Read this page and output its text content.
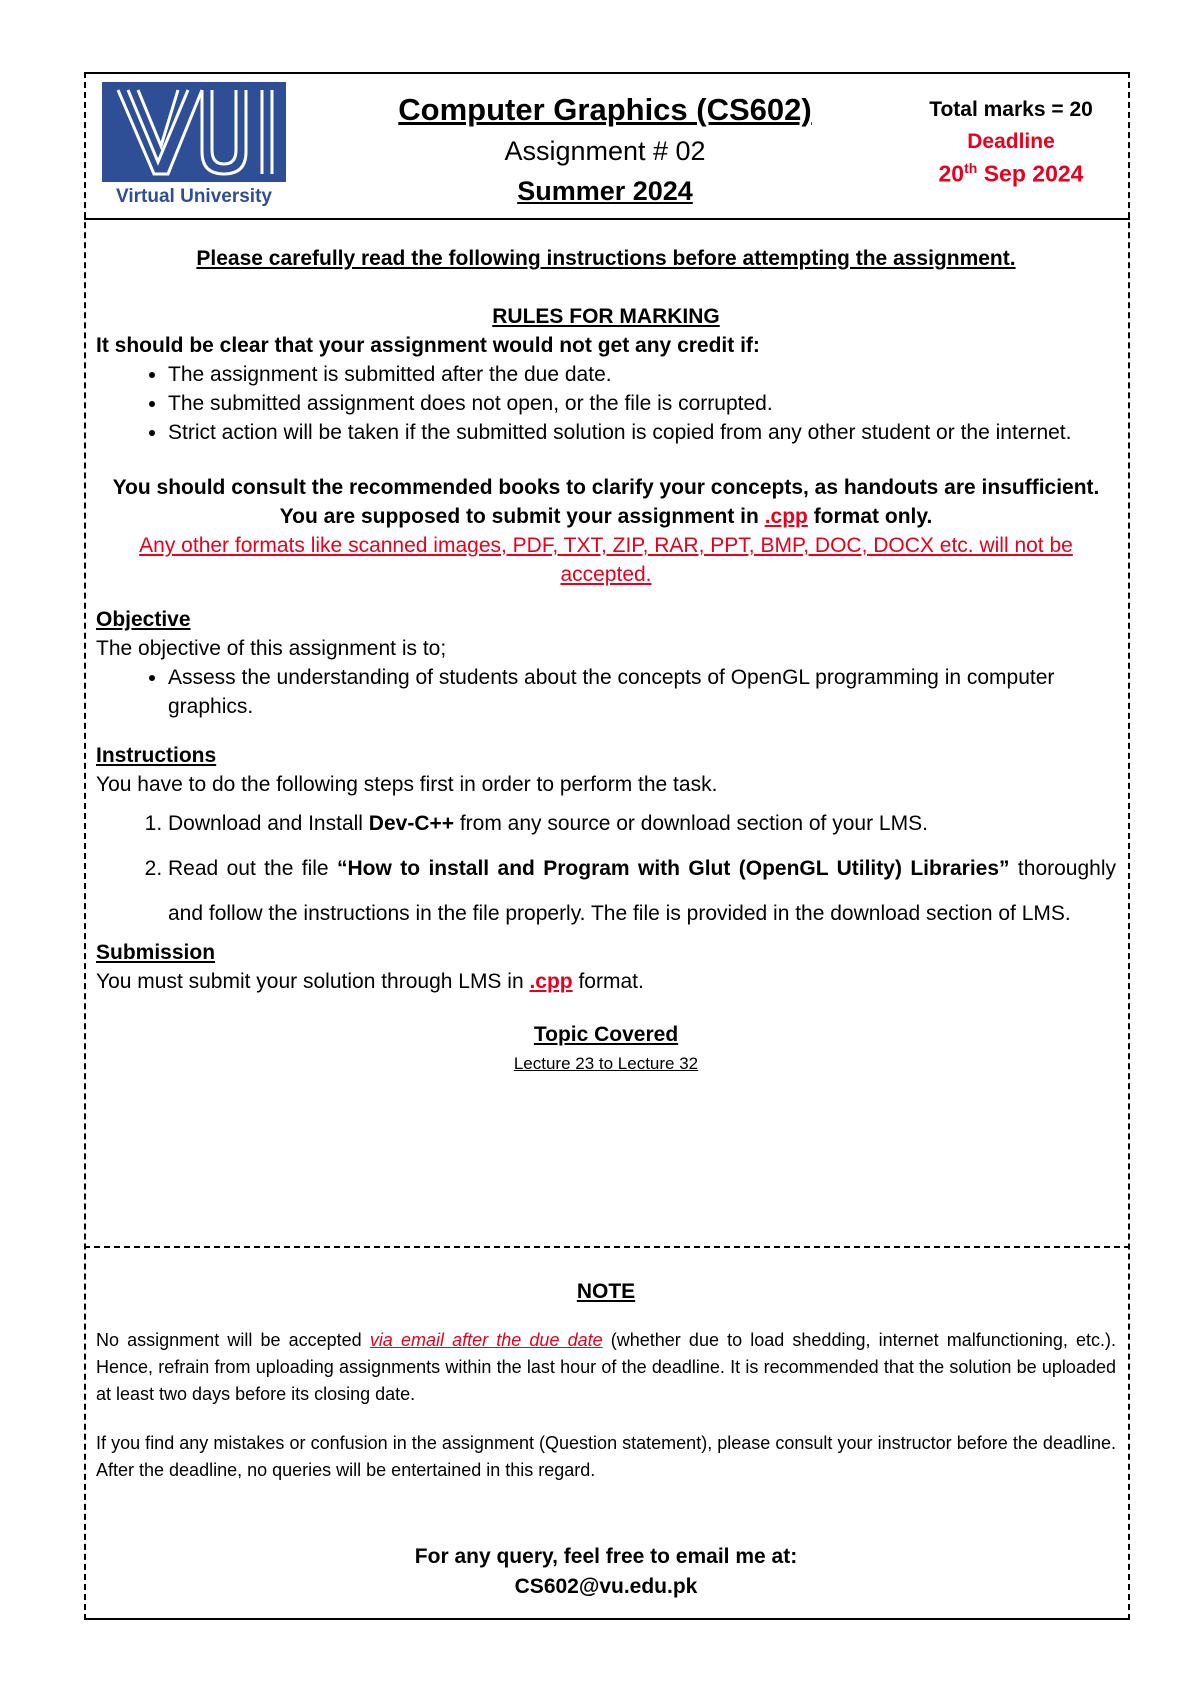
Virtual University
Computer Graphics (CS602)
Assignment # 02
Summer 2024
Total marks = 20
Deadline
20th Sep 2024

Please carefully read the following instructions before attempting the assignment.

RULES FOR MARKING

It should be clear that your assignment would not get any credit if:

• The assignment is submitted after the due date.
• The submitted assignment does not open, or the file is corrupted.
• Strict action will be taken if the submitted solution is copied from any other student or the internet.

You should consult the recommended books to clarify your concepts, as handouts are insufficient.

You are supposed to submit your assignment in .cpp format only.

Any other formats like scanned images, PDF, TXT, ZIP, RAR, PPT, BMP, DOC, DOCX etc. will not be accepted.

Objective

The objective of this assignment is to;

• Assess the understanding of students about the concepts of OpenGL programming in computer graphics.

Instructions

You have to do the following steps first in order to perform the task.

1. Download and Install Dev-C++ from any source or download section of your LMS.
2. Read out the file “How to install and Program with Glut (OpenGL Utility) Libraries” thoroughly and follow the instructions in the file properly. The file is provided in the download section of LMS.

Submission

You must submit your solution through LMS in .cpp format.

Topic Covered

Lecture 23 to Lecture 32

NOTE

No assignment will be accepted via email after the due date (whether due to load shedding, internet malfunctioning, etc.). Hence, refrain from uploading assignments within the last hour of the deadline. It is recommended that the solution be uploaded at least two days before its closing date.

If you find any mistakes or confusion in the assignment (Question statement), please consult your instructor before the deadline. After the deadline, no queries will be entertained in this regard.

For any query, feel free to email me at:

CS602@vu.edu.pk
